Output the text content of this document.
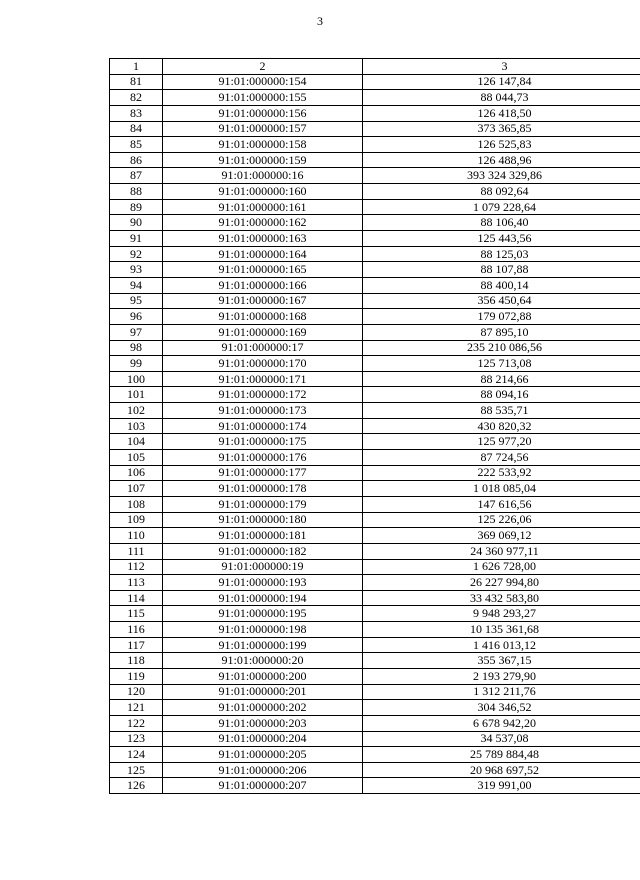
3
1	2	3
81	91:01:000000:154	126 147,84
82	91:01:000000:155	88 044,73
83	91:01:000000:156	126 418,50
84	91:01:000000:157	373 365,85
85	91:01:000000:158	126 525,83
86	91:01:000000:159	126 488,96
87	91:01:000000:16	393 324 329,86
88	91:01:000000:160	88 092,64
89	91:01:000000:161	1 079 228,64
90	91:01:000000:162	88 106,40
91	91:01:000000:163	125 443,56
92	91:01:000000:164	88 125,03
93	91:01:000000:165	88 107,88
94	91:01:000000:166	88 400,14
95	91:01:000000:167	356 450,64
96	91:01:000000:168	179 072,88
97	91:01:000000:169	87 895,10
98	91:01:000000:17	235 210 086,56
99	91:01:000000:170	125 713,08
100	91:01:000000:171	88 214,66
101	91:01:000000:172	88 094,16
102	91:01:000000:173	88 535,71
103	91:01:000000:174	430 820,32
104	91:01:000000:175	125 977,20
105	91:01:000000:176	87 724,56
106	91:01:000000:177	222 533,92
107	91:01:000000:178	1 018 085,04
108	91:01:000000:179	147 616,56
109	91:01:000000:180	125 226,06
110	91:01:000000:181	369 069,12
111	91:01:000000:182	24 360 977,11
112	91:01:000000:19	1 626 728,00
113	91:01:000000:193	26 227 994,80
114	91:01:000000:194	33 432 583,80
115	91:01:000000:195	9 948 293,27
116	91:01:000000:198	10 135 361,68
117	91:01:000000:199	1 416 013,12
118	91:01:000000:20	355 367,15
119	91:01:000000:200	2 193 279,90
120	91:01:000000:201	1 312 211,76
121	91:01:000000:202	304 346,52
122	91:01:000000:203	6 678 942,20
123	91:01:000000:204	34 537,08
124	91:01:000000:205	25 789 884,48
125	91:01:000000:206	20 968 697,52
126	91:01:000000:207	319 991,00
